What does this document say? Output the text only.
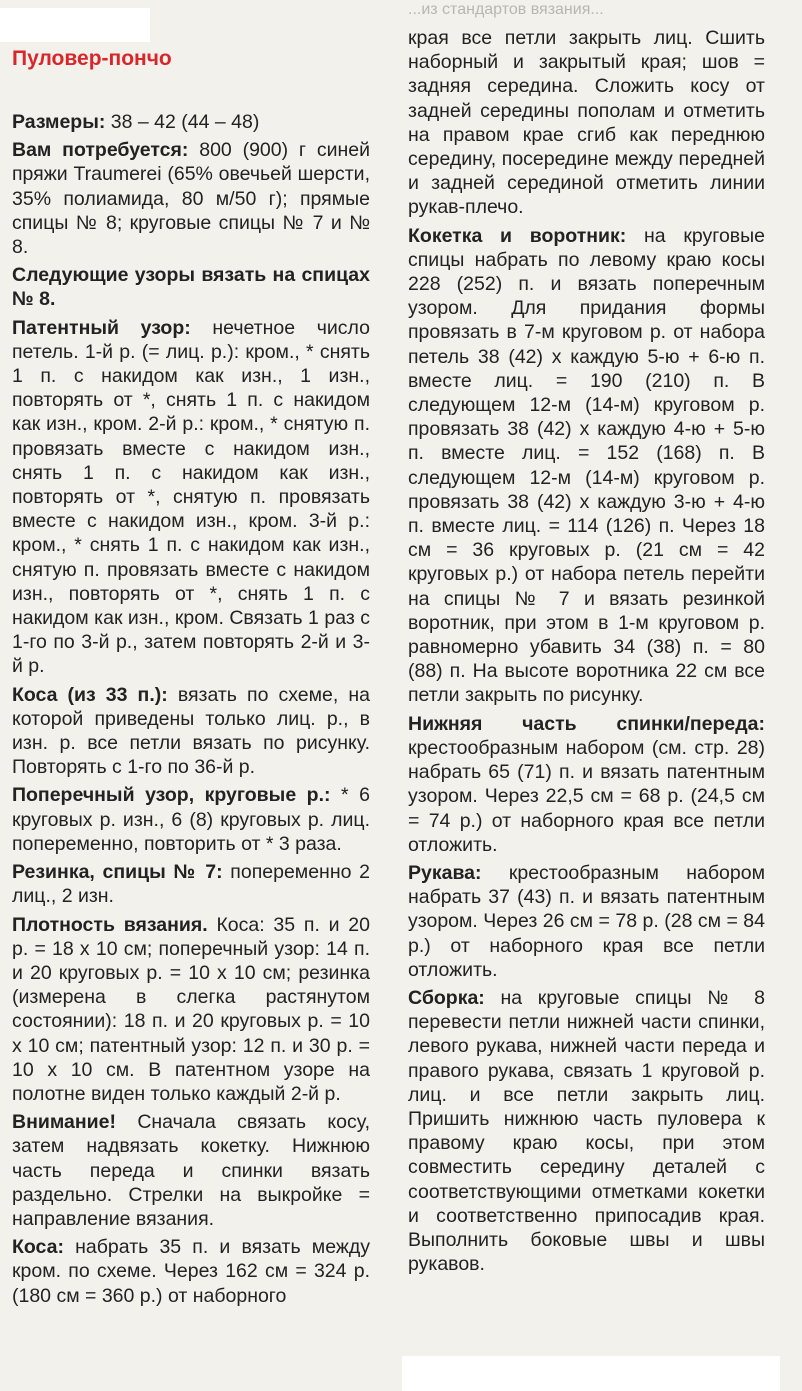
...из стандартов вязания...
Пуловер-пончо

Размеры: 38 – 42 (44 – 48)

Вам потребуется: 800 (900) г синей пряжи Traumerei (65% овечьей шерсти, 35% полиамида, 80 м/50 г); прямые спицы № 8; круговые спицы № 7 и № 8.

Следующие узоры вязать на спицах № 8.

Патентный узор: нечетное число петель. 1-й р. (= лиц. р.): кром., * снять 1 п. с накидом как изн., 1 изн., повторять от *, снять 1 п. с накидом как изн., кром. 2-й р.: кром., * снятую п. провязать вместе с накидом изн., снять 1 п. с накидом как изн., повторять от *, снятую п. провязать вместе с накидом изн., кром. 3-й р.: кром., * снять 1 п. с накидом как изн., снятую п. провязать вместе с накидом изн., повторять от *, снять 1 п. с накидом как изн., кром. Связать 1 раз с 1-го по 3-й р., затем повторять 2-й и 3-й р.

Коса (из 33 п.): вязать по схеме, на которой приведены только лиц. р., в изн. р. все петли вязать по рисунку. Повторять с 1-го по 36-й р.

Поперечный узор, круговые р.: * 6 круговых р. изн., 6 (8) круговых р. лиц. попеременно, повторить от * 3 раза.

Резинка, спицы № 7: попеременно 2 лиц., 2 изн.

Плотность вязания. Коса: 35 п. и 20 р. = 18 х 10 см; поперечный узор: 14 п. и 20 круговых р. = 10 х 10 см; резинка (измерена в слегка растянутом состоянии): 18 п. и 20 круговых р. = 10 х 10 см; патентный узор: 12 п. и 30 р. = 10 х 10 см. В патентном узоре на полотне виден только каждый 2-й р.

Внимание! Сначала связать косу, затем надвязать кокетку. Нижнюю часть переда и спинки вязать раздельно. Стрелки на выкройке = направление вязания.

Коса: набрать 35 п. и вязать между кром. по схеме. Через 162 см = 324 р. (180 см = 360 р.) от наборного

края все петли закрыть лиц. Сшить наборный и закрытый края; шов = задняя середина. Сложить косу от задней середины пополам и отметить на правом крае сгиб как переднюю середину, посередине между передней и задней серединой отметить линии рукав-плечо.

Кокетка и воротник: на круговые спицы набрать по левому краю косы 228 (252) п. и вязать поперечным узором. Для придания формы провязать в 7-м круговом р. от набора петель 38 (42) х каждую 5-ю + 6-ю п. вместе лиц. = 190 (210) п. В следующем 12-м (14-м) круговом р. провязать 38 (42) х каждую 4-ю + 5-ю п. вместе лиц. = 152 (168) п. В следующем 12-м (14-м) круговом р. провязать 38 (42) х каждую 3-ю + 4-ю п. вместе лиц. = 114 (126) п. Через 18 см = 36 круговых р. (21 см = 42 круговых р.) от набора петель перейти на спицы № 7 и вязать резинкой воротник, при этом в 1-м круговом р. равномерно убавить 34 (38) п. = 80 (88) п. На высоте воротника 22 см все петли закрыть по рисунку.

Нижняя часть спинки/переда: крестообразным набором (см. стр. 28) набрать 65 (71) п. и вязать патентным узором. Через 22,5 см = 68 р. (24,5 см = 74 р.) от наборного края все петли отложить.

Рукава: крестообразным набором набрать 37 (43) п. и вязать патентным узором. Через 26 см = 78 р. (28 см = 84 р.) от наборного края все петли отложить.

Сборка: на круговые спицы № 8 перевести петли нижней части спинки, левого рукава, нижней части переда и правого рукава, связать 1 круговой р. лиц. и все петли закрыть лиц. Пришить нижнюю часть пуловера к правому краю косы, при этом совместить середину деталей с соответствующими отметками кокетки и соответственно припосадив края. Выполнить боковые швы и швы рукавов.
